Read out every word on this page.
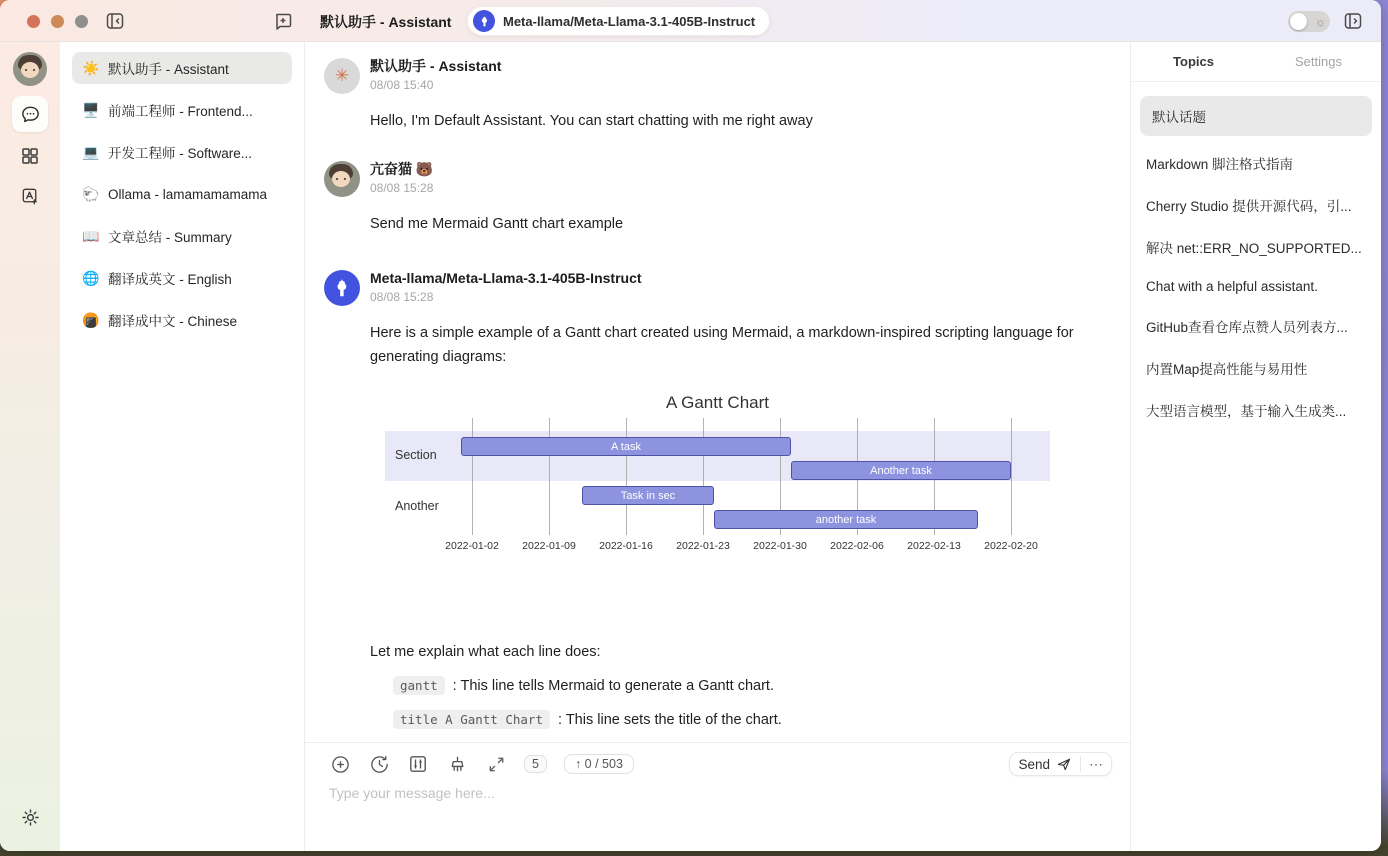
默认助手 - Assistant	Meta-llama/Meta-Llama-3.1-405B-Instruct	☼
☀️ 默认助手 - Assistant
🖥️ 前端工程师 - Frontend...
💻 开发工程师 - Software...
🐑 Ollama - lamamamamama
📖 文章总结 - Summary
🌐 翻译成英文 - English
🍘 翻译成中文 - Chinese
✳	默认助手 - Assistant
08/08 15:40
Hello, I'm Default Assistant. You can start chatting with me right away
亢奋猫 🐻
08/08 15:28
Send me Mermaid Gantt chart example
Meta-llama/Meta-Llama-3.1-405B-Instruct
08/08 15:28
Here is a simple example of a Gantt chart created using Mermaid, a markdown-inspired scripting language for generating diagrams:
A Gantt Chart
Section
Another
2022-01-02	2022-01-09	2022-01-16	2022-01-23	2022-01-30	2022-02-06	2022-02-13	2022-02-20
A task
Another task
Task in sec
another task
Let me explain what each line does:
gantt : This line tells Mermaid to generate a Gantt chart.
title A Gantt Chart : This line sets the title of the chart.
5	↑ 0 / 503	Send	⋯
Type your message here...
Topics	Settings
默认话题
Markdown 脚注格式指南
Cherry Studio 提供开源代码，引...
解决 net::ERR_NO_SUPPORTED...
Chat with a helpful assistant.
GitHub查看仓库点赞人员列表方...
内置Map提高性能与易用性
大型语言模型，基于输入生成类...
